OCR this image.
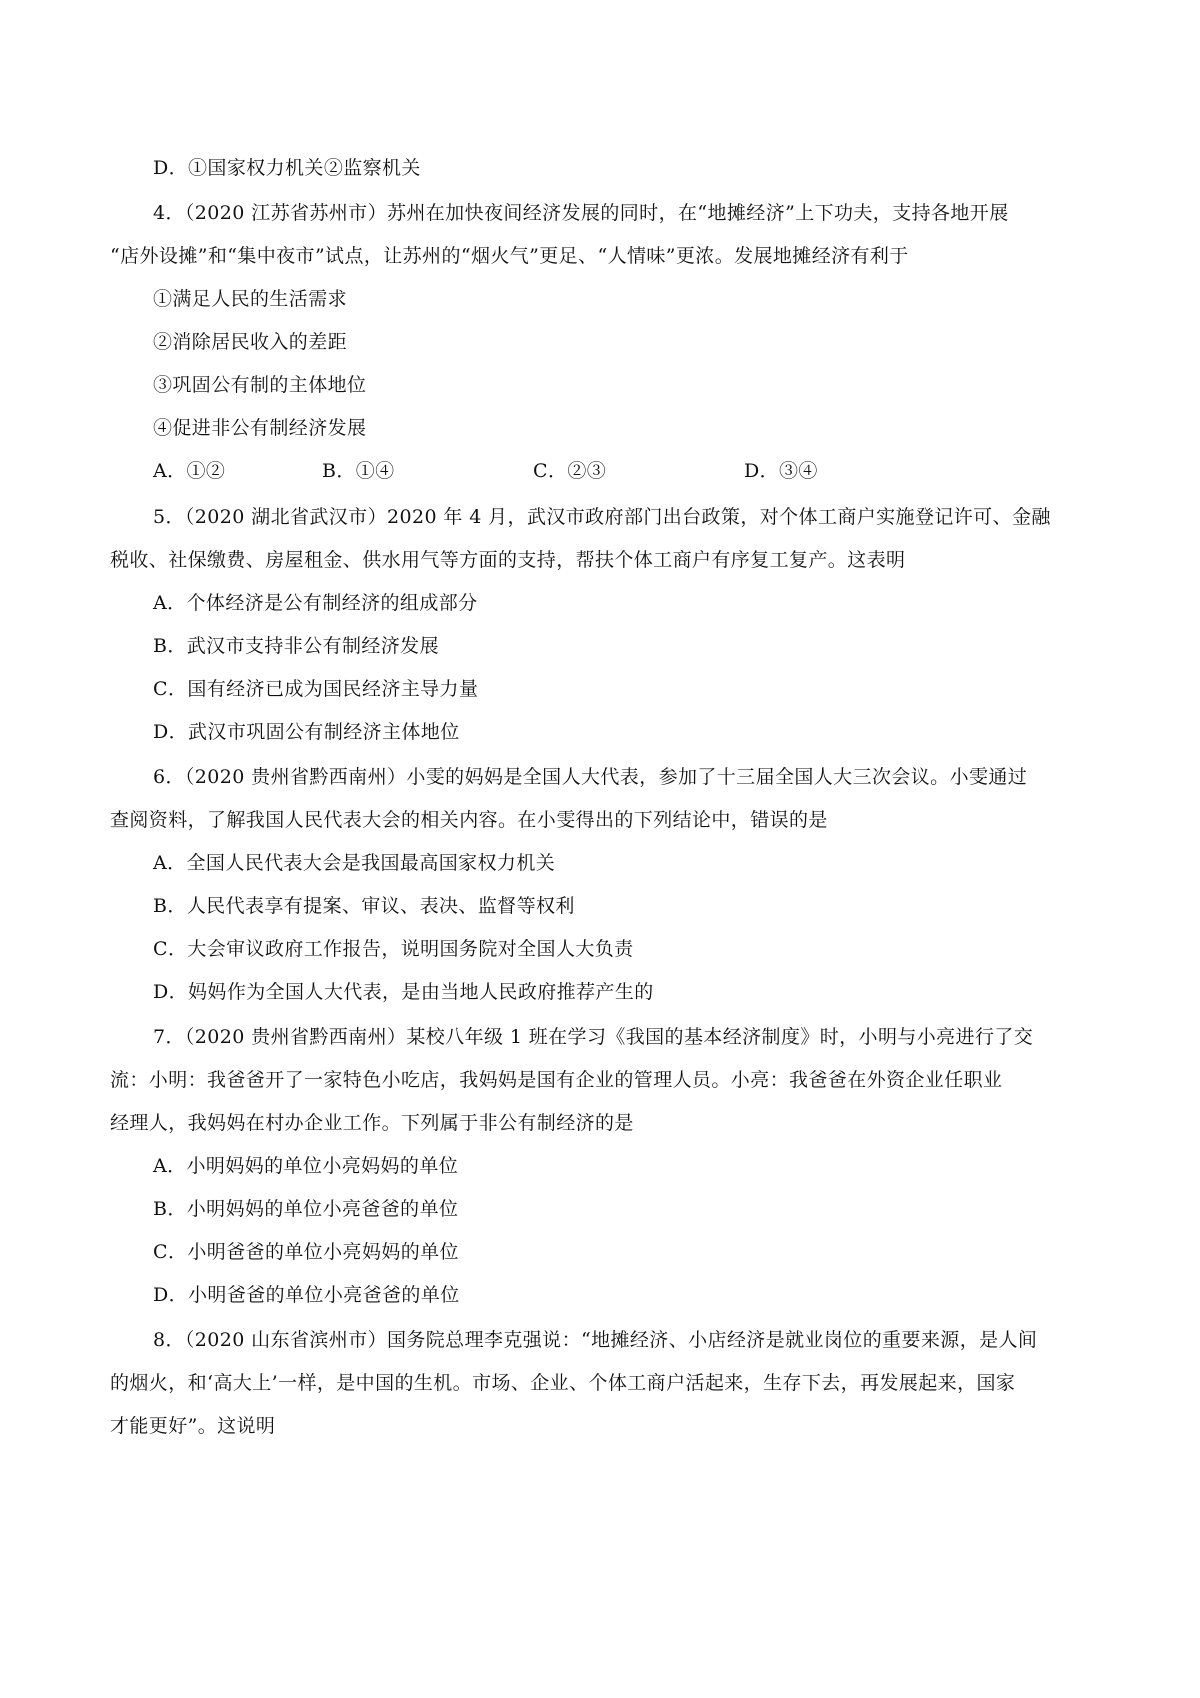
D．①国家权力机关②监察机关
4．（2020 江苏省苏州市）苏州在加快夜间经济发展的同时，在“地摊经济”上下功夫，支持各地开展
“店外设摊”和“集中夜市”试点，让苏州的“烟火气”更足、“人情味”更浓。发展地摊经济有利于
①满足人民的生活需求
②消除居民收入的差距
③巩固公有制的主体地位
④促进非公有制经济发展
A．①②	B．①④	C．②③	D．③④
5．（2020 湖北省武汉市）2020 年 4 月，武汉市政府部门出台政策，对个体工商户实施登记许可、金融
税收、社保缴费、房屋租金、供水用气等方面的支持，帮扶个体工商户有序复工复产。这表明
A．个体经济是公有制经济的组成部分
B．武汉市支持非公有制经济发展
C．国有经济已成为国民经济主导力量
D．武汉市巩固公有制经济主体地位
6．（2020 贵州省黔西南州）小雯的妈妈是全国人大代表，参加了十三届全国人大三次会议。小雯通过
查阅资料，了解我国人民代表大会的相关内容。在小雯得出的下列结论中，错误的是
A．全国人民代表大会是我国最高国家权力机关
B．人民代表享有提案、审议、表决、监督等权利
C．大会审议政府工作报告，说明国务院对全国人大负责
D．妈妈作为全国人大代表，是由当地人民政府推荐产生的
7．（2020 贵州省黔西南州）某校八年级 1 班在学习《我国的基本经济制度》时，小明与小亮进行了交
流：小明：我爸爸开了一家特色小吃店，我妈妈是国有企业的管理人员。小亮：我爸爸在外资企业任职业
经理人，我妈妈在村办企业工作。下列属于非公有制经济的是
A．小明妈妈的单位小亮妈妈的单位
B．小明妈妈的单位小亮爸爸的单位
C．小明爸爸的单位小亮妈妈的单位
D．小明爸爸的单位小亮爸爸的单位
8．（2020 山东省滨州市）国务院总理李克强说：“地摊经济、小店经济是就业岗位的重要来源，是人间
的烟火，和‘高大上’一样，是中国的生机。市场、企业、个体工商户活起来，生存下去，再发展起来，国家
才能更好”。这说明
